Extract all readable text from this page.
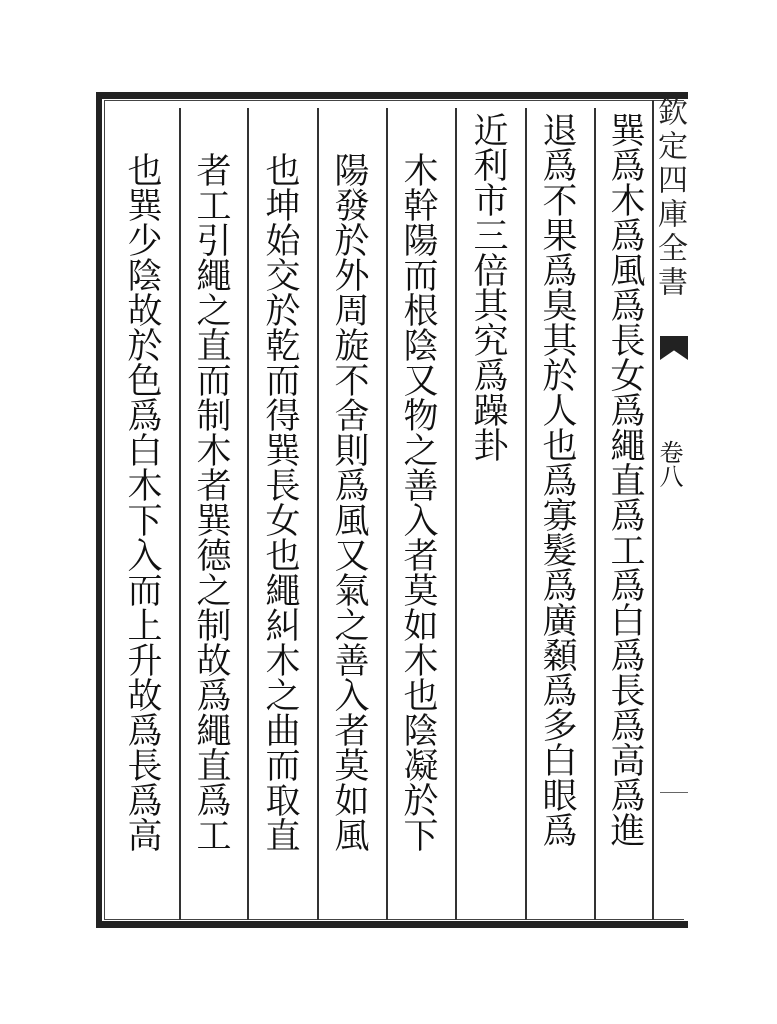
欽定四庫全書
卷八
巽爲木爲風爲長女爲繩直爲工爲白爲長爲高爲進
退爲不果爲臭其於人也爲寡髮爲廣顙爲多白眼爲
近利市三倍其究爲躁卦
木幹陽而根陰又物之善入者莫如木也陰凝於下
陽發於外周旋不舍則爲風又氣之善入者莫如風
也坤始交於乾而得巽長女也繩糾木之曲而取直
者工引繩之直而制木者巽德之制故爲繩直爲工
也巽少陰故於色爲白木下入而上升故爲長爲高
